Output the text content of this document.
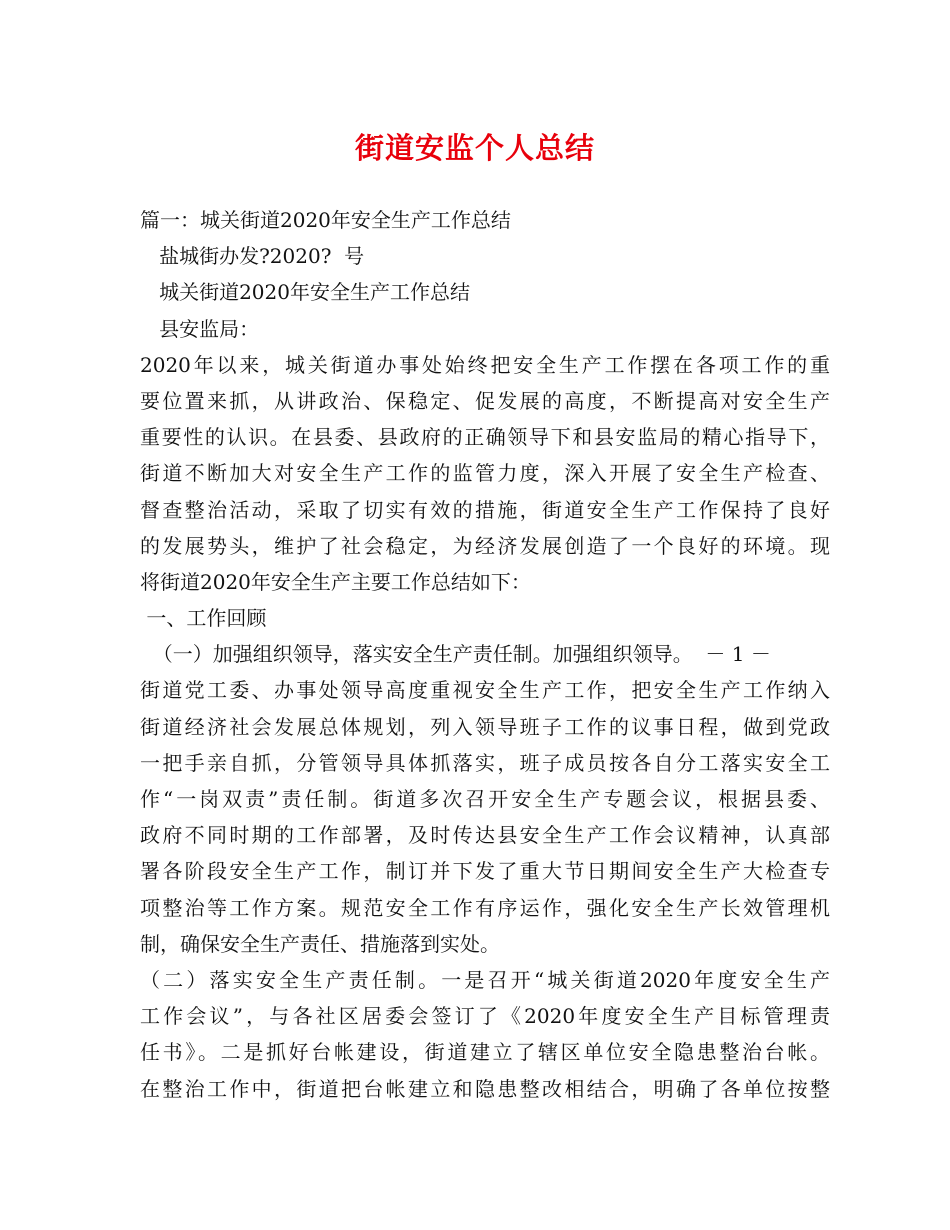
街道安监个人总结
篇一：城关街道2020年安全生产工作总结
盐城街办发?2020?  号
城关街道2020年安全生产工作总结
县安监局：
2020年以来，城关街道办事处始终把安全生产工作摆在各项工作的重
要位置来抓，从讲政治、保稳定、促发展的高度，不断提高对安全生产
重要性的认识。在县委、县政府的正确领导下和县安监局的精心指导下，
街道不断加大对安全生产工作的监管力度，深入开展了安全生产检查、
督查整治活动，采取了切实有效的措施，街道安全生产工作保持了良好
的发展势头，维护了社会稳定，为经济发展创造了一个良好的环境。现
将街道2020年安全生产主要工作总结如下：
一、工作回顾
（一）加强组织领导，落实安全生产责任制。加强组织领导。  － 1 －
街道党工委、办事处领导高度重视安全生产工作，把安全生产工作纳入
街道经济社会发展总体规划，列入领导班子工作的议事日程，做到党政
一把手亲自抓，分管领导具体抓落实，班子成员按各自分工落实安全工
作“一岗双责”责任制。街道多次召开安全生产专题会议，根据县委、
政府不同时期的工作部署，及时传达县安全生产工作会议精神，认真部
署各阶段安全生产工作，制订并下发了重大节日期间安全生产大检查专
项整治等工作方案。规范安全工作有序运作，强化安全生产长效管理机
制，确保安全生产责任、措施落到实处。
（二）落实安全生产责任制。一是召开“城关街道2020年度安全生产
工作会议”，与各社区居委会签订了《2020年度安全生产目标管理责
任书》。二是抓好台帐建设，街道建立了辖区单位安全隐患整治台帐。
在整治工作中，街道把台帐建立和隐患整改相结合，明确了各单位按整
